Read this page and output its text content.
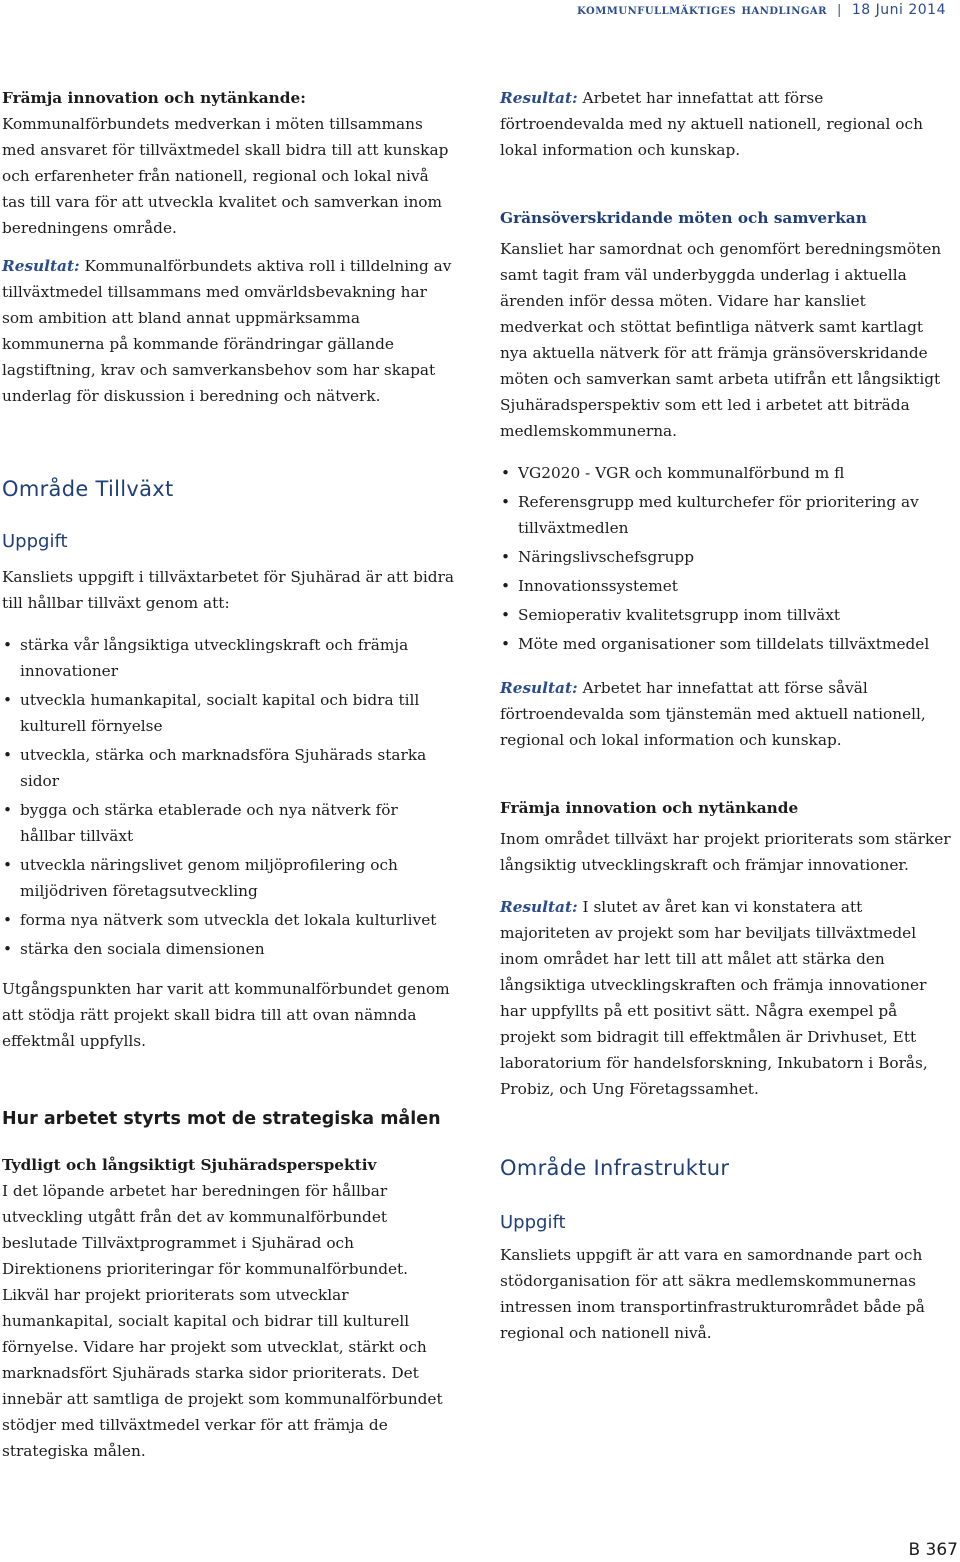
kommunfullmäktiges handlingar | 18 Juni 2014

Främja innovation och nytänkande:

Kommunalförbundets medverkan i möten tillsammans med ansvaret för tillväxtmedel skall bidra till att kunskap och erfarenheter från nationell, regional och lokal nivå tas till vara för att utveckla kvalitet och samverkan inom beredningens område.

Resultat: Kommunalförbundets aktiva roll i tilldelning av tillväxtmedel tillsammans med omvärldsbevakning har som ambition att bland annat uppmärksamma kommunerna på kommande förändringar gällande lagstiftning, krav och samverkansbehov som har skapat underlag för diskussion i beredning och nätverk.

Område Tillväxt
Uppgift

Kansliets uppgift i tillväxtarbetet för Sjuhärad är att bidra till hållbar tillväxt genom att:

• stärka vår långsiktiga utvecklingskraft och främja innovationer
• utveckla humankapital, socialt kapital och bidra till kulturell förnyelse
• utveckla, stärka och marknadsföra Sjuhärads starka sidor
• bygga och stärka etablerade och nya nätverk för hållbar tillväxt
• utveckla näringslivet genom miljöprofilering och miljödriven företagsutveckling
• forma nya nätverk som utveckla det lokala kulturlivet
• stärka den sociala dimensionen

Utgångspunkten har varit att kommunalförbundet genom att stödja rätt projekt skall bidra till att ovan nämnda effektmål uppfylls.

Hur arbetet styrts mot de strategiska målen

Tydligt och långsiktigt Sjuhäradsperspektiv

I det löpande arbetet har beredningen för hållbar utveckling utgått från det av kommunalförbundet beslutade Tillväxtprogrammet i Sjuhärad och Direktionens prioriteringar för kommunalförbundet. Likväl har projekt prioriterats som utvecklar humankapital, socialt kapital och bidrar till kulturell förnyelse. Vidare har projekt som utvecklat, stärkt och marknadsfört Sjuhärads starka sidor prioriterats. Det innebär att samtliga de projekt som kommunalförbundet stödjer med tillväxtmedel verkar för att främja de strategiska målen.

Resultat: Arbetet har innefattat att förse förtroendevalda med ny aktuell nationell, regional och lokal information och kunskap.

Gränsöverskridande möten och samverkan

Kansliet har samordnat och genomfört beredningsmöten samt tagit fram väl underbyggda underlag i aktuella ärenden inför dessa möten. Vidare har kansliet medverkat och stöttat befintliga nätverk samt kartlagt nya aktuella nätverk för att främja gränsöverskridande möten och samverkan samt arbeta utifrån ett långsiktigt Sjuhäradsperspektiv som ett led i arbetet att biträda medlemskommunerna.

• VG2020 - VGR och kommunalförbund m fl
• Referensgrupp med kulturchefer för prioritering av tillväxtmedlen
• Näringslivschefsgrupp
• Innovationssystemet
• Semioperativ kvalitetsgrupp inom tillväxt
• Möte med organisationer som tilldelats tillväxtmedel

Resultat: Arbetet har innefattat att förse såväl förtroendevalda som tjänstemän med aktuell nationell, regional och lokal information och kunskap.

Främja innovation och nytänkande

Inom området tillväxt har projekt prioriterats som stärker långsiktig utvecklingskraft och främjar innovationer.

Resultat: I slutet av året kan vi konstatera att majoriteten av projekt som har beviljats tillväxtmedel inom området har lett till att målet att stärka den långsiktiga utvecklingskraften och främja innovationer har uppfyllts på ett positivt sätt. Några exempel på projekt som bidragit till effektmålen är Drivhuset, Ett laboratorium för handelsforskning, Inkubatorn i Borås, Probiz, och Ung Företagssamhet.

Område Infrastruktur
Uppgift

Kansliets uppgift är att vara en samordnande part och stödorganisation för att säkra medlemskommunernas intressen inom transportinfrastrukturområdet både på regional och nationell nivå.

B 367
